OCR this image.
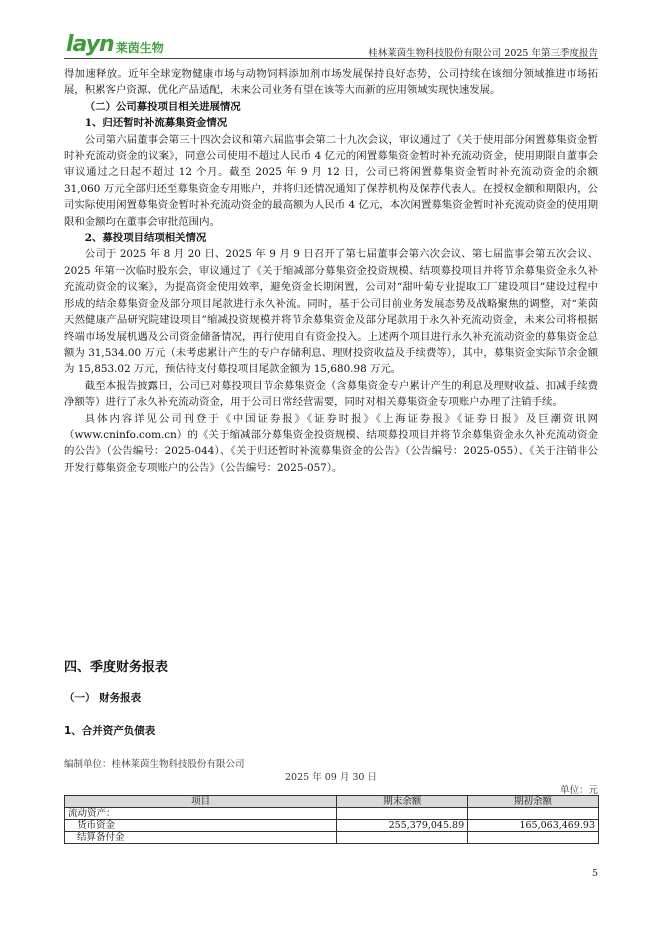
layn 莱茵生物	桂林莱茵生物科技股份有限公司 2025 年第三季度报告

得加速释放。近年全球宠物健康市场与动物饲料添加剂市场发展保持良好态势，公司持续在该细分领域推进市场拓展，积累客户资源、优化产品适配，未来公司业务有望在该等大而新的应用领域实现快速发展。

（二）公司募投项目相关进展情况

1、归还暂时补流募集资金情况

公司第六届董事会第三十四次会议和第六届监事会第二十九次会议，审议通过了《关于使用部分闲置募集资金暂时补充流动资金的议案》，同意公司使用不超过人民币 4 亿元的闲置募集资金暂时补充流动资金，使用期限自董事会审议通过之日起不超过 12 个月。截至 2025 年 9 月 12 日，公司已将闲置募集资金暂时补充流动资金的余额 31,060 万元全部归还至募集资金专用账户，并将归还情况通知了保荐机构及保荐代表人。在授权金额和期限内，公司实际使用闲置募集资金暂时补充流动资金的最高额为人民币 4 亿元，本次闲置募集资金暂时补充流动资金的使用期限和金额均在董事会审批范围内。

2、募投项目结项相关情况

公司于 2025 年 8 月 20 日、2025 年 9 月 9 日召开了第七届董事会第六次会议、第七届监事会第五次会议、 2025 年第一次临时股东会，审议通过了《关于缩减部分募集资金投资规模、结项募投项目并将节余募集资金永久补充流动资金的议案》，为提高资金使用效率，避免资金长期闲置，公司对“甜叶菊专业提取工厂建设项目”建设过程中形成的结余募集资金及部分项目尾款进行永久补流。同时，基于公司目前业务发展态势及战略聚焦的调整，对“莱茵天然健康产品研究院建设项目”缩减投资规模并将节余募集资金及部分尾款用于永久补充流动资金，未来公司将根据终端市场发展机遇及公司资金储备情况，再行使用自有资金投入。上述两个项目进行永久补充流动资金的募集资金总额为 31,534.00 万元（未考虑累计产生的专户存储利息、理财投资收益及手续费等），其中，募集资金实际节余金额为 15,853.02 万元，预估待支付募投项目尾款金额为 15,680.98 万元。

截至本报告披露日，公司已对募投项目节余募集资金（含募集资金专户累计产生的利息及理财收益、扣减手续费净额等）进行了永久补充流动资金，用于公司日常经营需要，同时对相关募集资金专项账户办理了注销手续。

具体内容详见公司刊登于《中国证券报》《证券时报》《上海证券报》《证券日报》及巨潮资讯网（www.cninfo.com.cn）的《关于缩减部分募集资金投资规模、结项募投项目并将节余募集资金永久补充流动资金的公告》（公告编号：2025-044）、《关于归还暂时补流募集资金的公告》（公告编号：2025-055）、《关于注销非公开发行募集资金专项账户的公告》（公告编号：2025-057）。

四、季度财务报表
（一） 财务报表
1、合并资产负债表
编制单位：桂林莱茵生物科技股份有限公司
2025 年 09 月 30 日
单位：元
项目	期末余额	期初余额
流动资产：		
货币资金	255,379,045.89	165,063,469.93
结算备付金		
5
